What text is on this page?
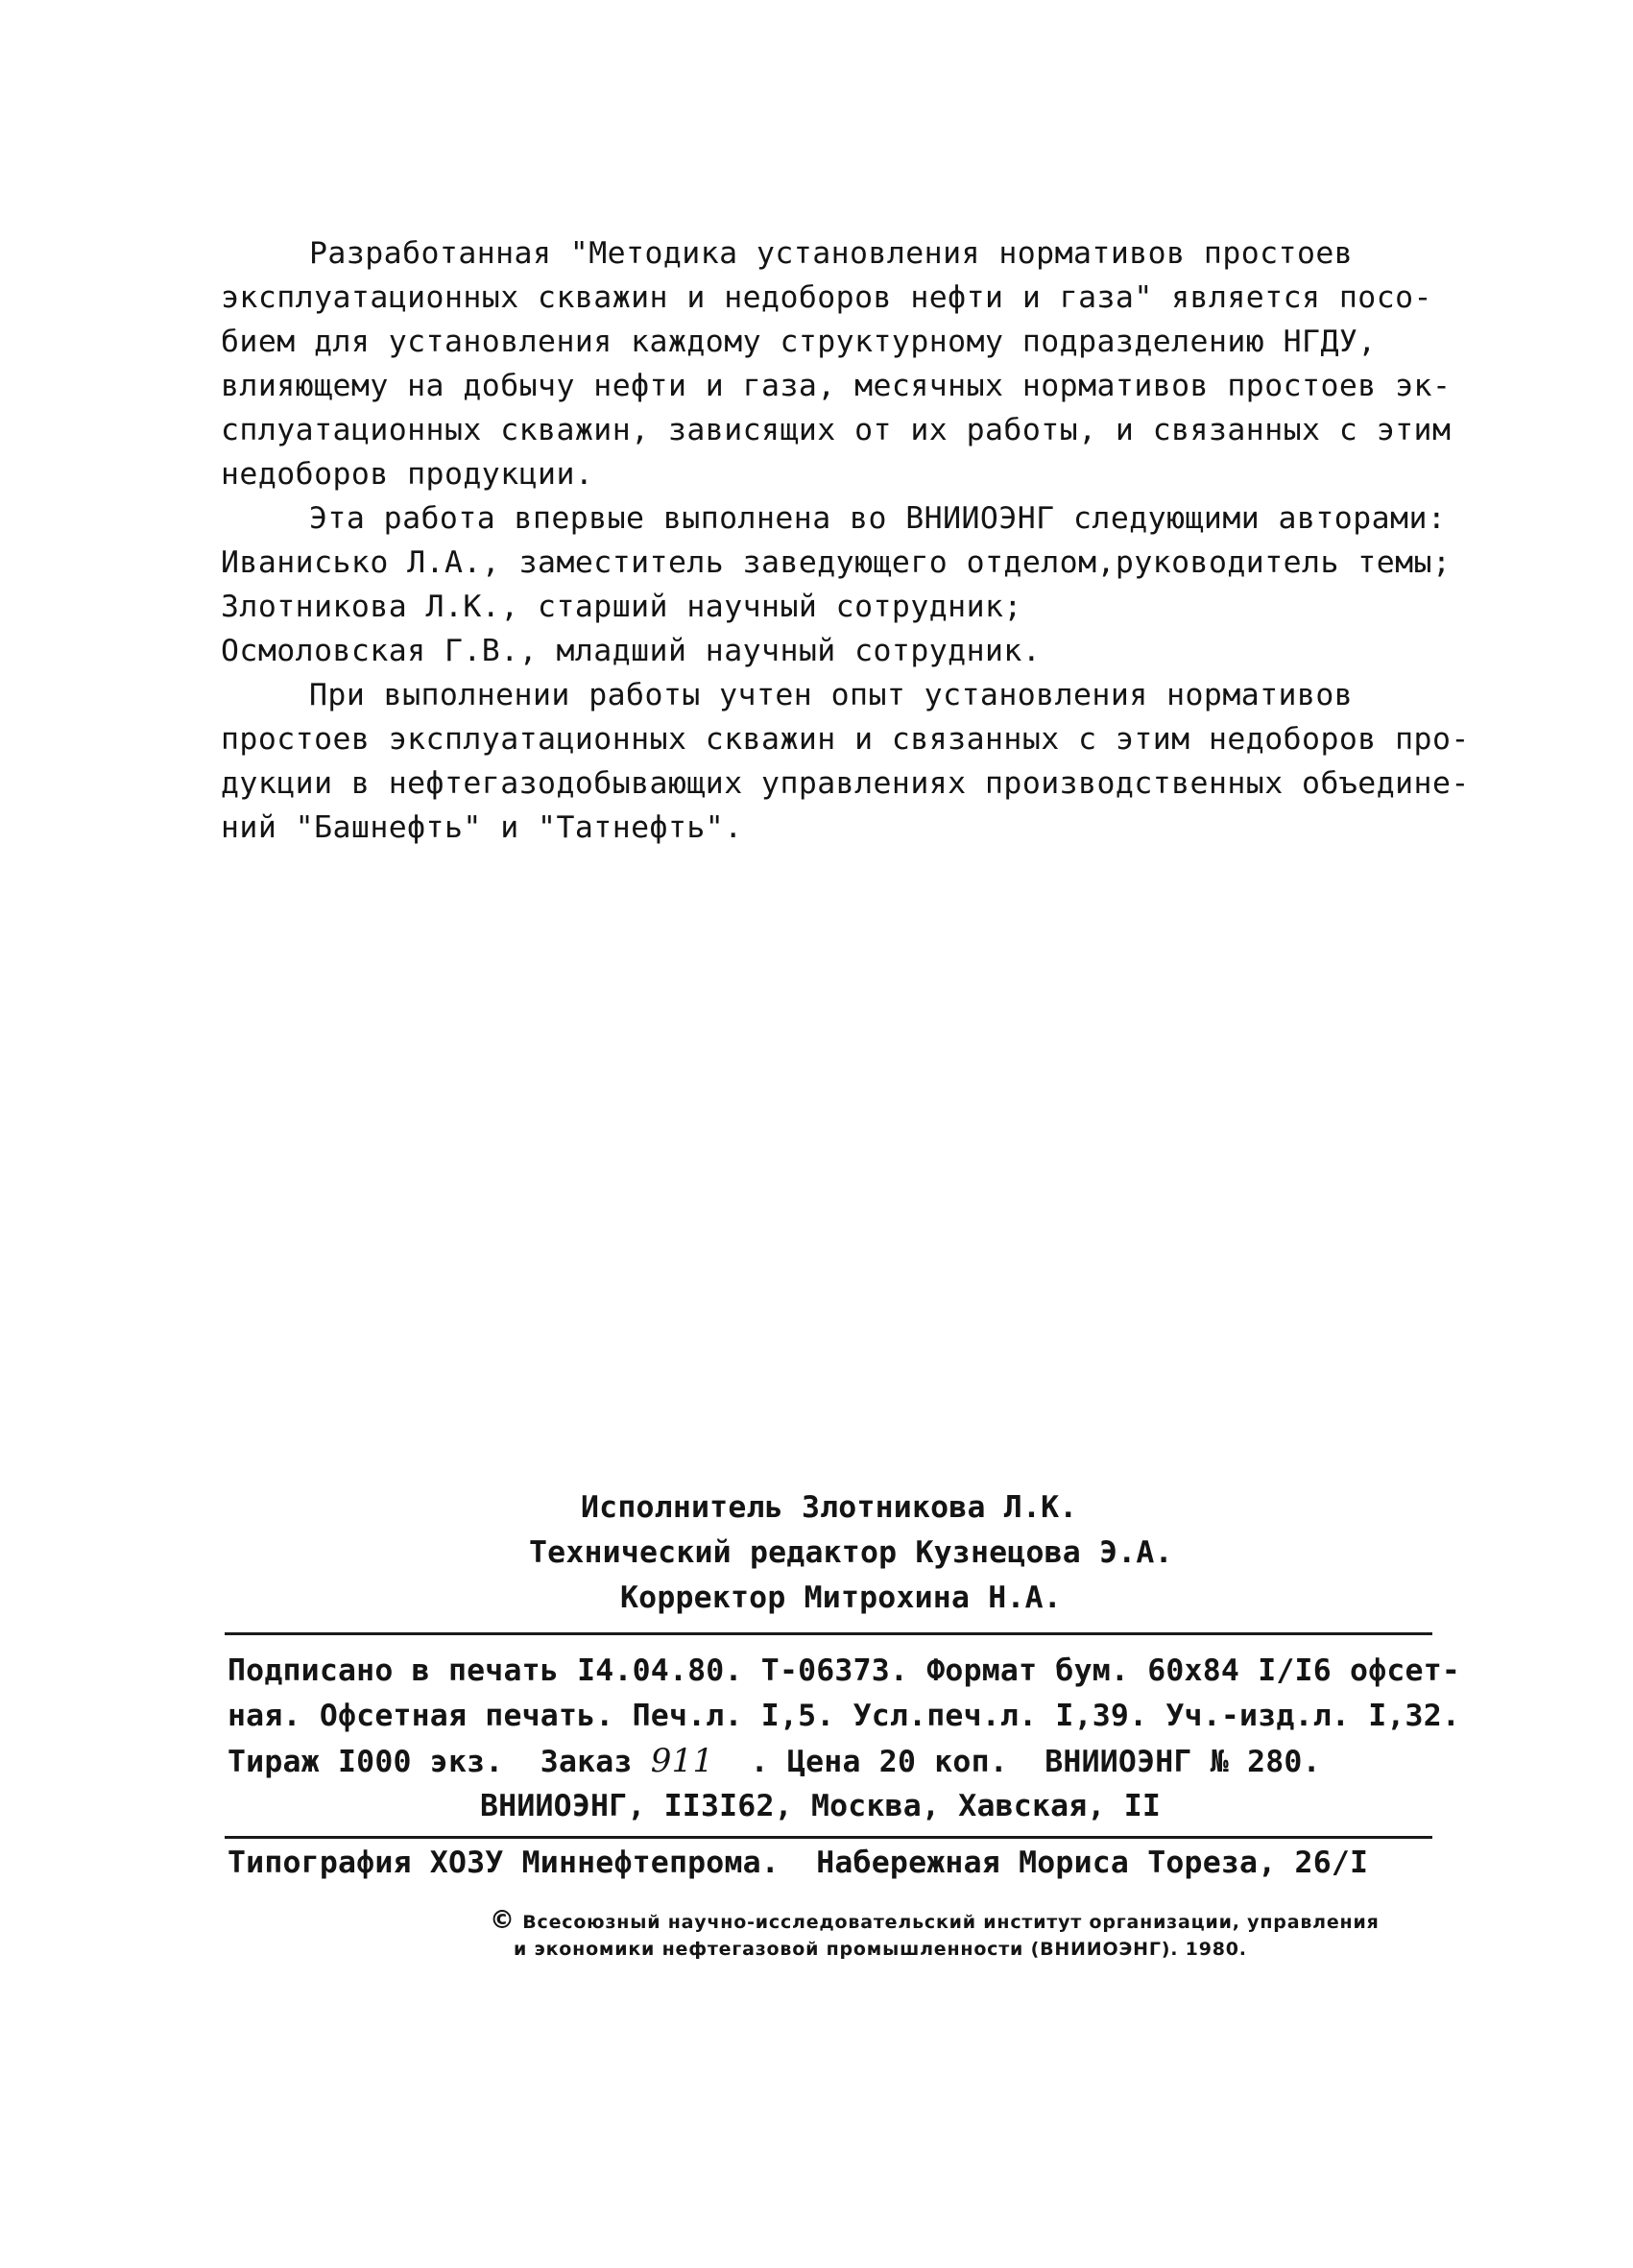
Разработанная "Методика установления нормативов простоев
эксплуатационных скважин и недоборов нефти и газа" является посо-
бием для установления каждому структурному подразделению НГДУ,
влияющему на добычу нефти и газа, месячных нормативов простоев эк-
сплуатационных скважин, зависящих от их работы, и связанных с этим
недоборов продукции.
Эта работа впервые выполнена во ВНИИОЭНГ следующими авторами:
Иванисько Л.А., заместитель заведующего отделом,руководитель темы;
Злотникова Л.К., старший научный сотрудник;
Осмоловская Г.В., младший научный сотрудник.
При выполнении работы учтен опыт установления нормативов
простоев эксплуатационных скважин и связанных с этим недоборов про-
дукции в нефтегазодобывающих управлениях производственных объедине-
ний "Башнефть" и "Татнефть".
Исполнитель Злотникова Л.К.
Технический редактор Кузнецова Э.А.
Корректор Митрохина Н.А.
Подписано в печать I4.04.80. Т-06373. Формат бум. 60х84 I/I6 офсет-
ная. Офсетная печать. Печ.л. I,5. Усл.печ.л. I,39. Уч.-изд.л. I,32.
Тираж I000 экз.  Заказ 911  . Цена 20 коп.  ВНИИОЭНГ № 280.
ВНИИОЭНГ, II3I62, Москва, Хавская, II
Типография ХОЗУ Миннефтепрома.  Набережная Мориса Тореза, 26/I
© Всесоюзный научно-исследовательский институт организации, управления
и экономики нефтегазовой промышленности (ВНИИОЭНГ). 1980.
